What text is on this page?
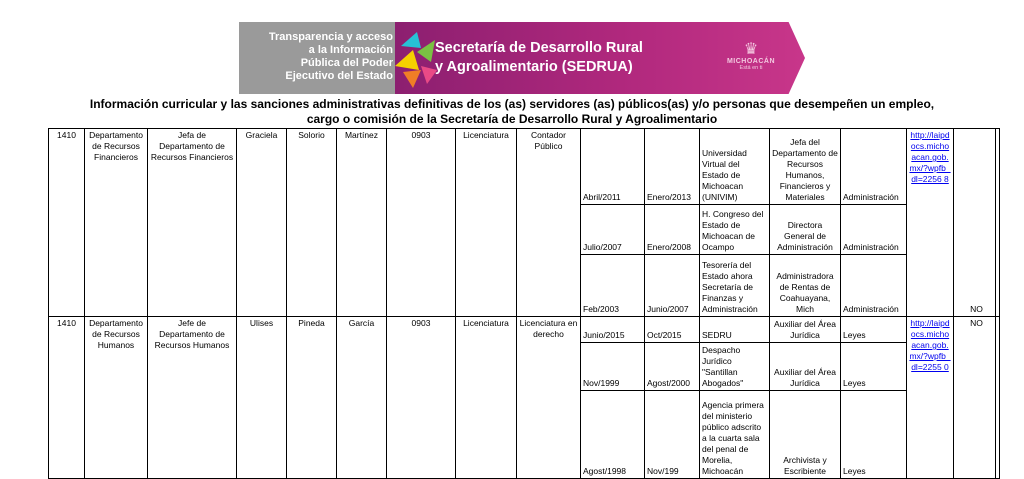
Transparencia y acceso
a la Información
Pública del Poder
Ejecutivo del Estado
Secretaría de Desarrollo Rural
y Agroalimentario (SEDRUA)
♛
MICHOACÁN
Está en ti
Información curricular y las sanciones administrativas definitivas de los (as) servidores (as) públicos(as) y/o personas que desempeñen un empleo,
cargo o comisión de la Secretaría de Desarrollo Rural y Agroalimentario
1410	Departamento de Recursos Financieros	Jefa de Departamento de Recursos Financieros	Graciela	Solorio	Martínez	0903	Licenciatura	Contador Público	Abril/2011	Enero/2013	Universidad Virtual del Estado de Michoacan (UNIVIM)	Jefa del Departamento de Recursos Humanos, Financieros y Materiales	Administración	http://laipdocs.michoacan.gob.mx/?wpfb_dl=2256 8	NO
									Julio/2007	Enero/2008	H. Congreso del Estado de Michoacan de Ocampo	Directora General de Administración	Administración		
									Feb/2003	Junio/2007	Tesorería del Estado ahora Secretaría de Finanzas y Administración	Administradora de Rentas de Coahuayana, Mich	Administración		
1410	Departamento de Recursos Humanos	Jefe de Departamento de Recursos Humanos	Ulises	Pineda	García	0903	Licenciatura	Licenciatura en derecho	Junio/2015	Oct/2015	SEDRU	Auxiliar del Área Jurídica	Leyes	http://laipdocs.michoacan.gob.mx/?wpfb_dl=2255 0	NO
									Nov/1999	Agost/2000	Despacho Jurídico "Santillan Abogados"	Auxiliar del Área Jurídica	Leyes		
									Agost/1998	Nov/199	Agencia primera del ministerio público adscrito a la cuarta sala del penal de Morelia, Michoacán	Archivista y Escribiente	Leyes		
